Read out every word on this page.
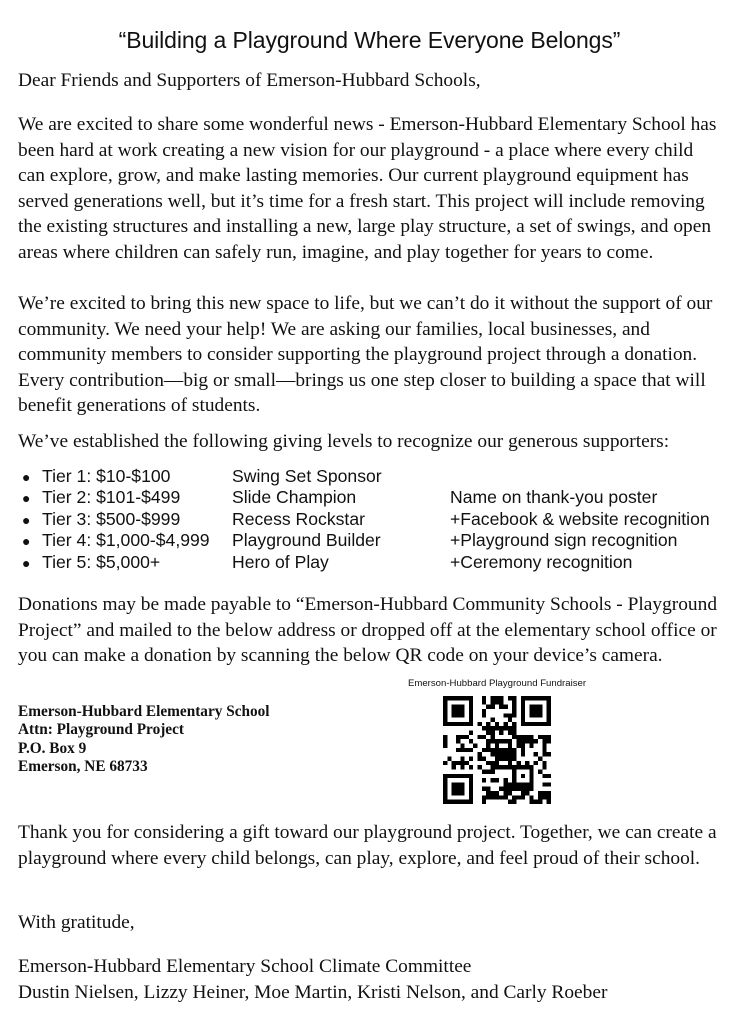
“Building a Playground Where Everyone Belongs”
Dear Friends and Supporters of Emerson-Hubbard Schools,
We are excited to share some wonderful news - Emerson-Hubbard Elementary School has been hard at work creating a new vision for our playground - a place where every child can explore, grow, and make lasting memories. Our current playground equipment has served generations well, but it’s time for a fresh start. This project will include removing the existing structures and installing a new, large play structure, a set of swings, and open areas where children can safely run, imagine, and play together for years to come.
We’re excited to bring this new space to life, but we can’t do it without the support of our community. We need your help! We are asking our families, local businesses, and community members to consider supporting the playground project through a donation. Every contribution—big or small—brings us one step closer to building a space that will benefit generations of students.
We’ve established the following giving levels to recognize our generous supporters:
● Tier 1: $10-$100	Swing Set Sponsor
● Tier 2: $101-$499	Slide Champion	Name on thank-you poster
● Tier 3: $500-$999	Recess Rockstar	+Facebook & website recognition
● Tier 4: $1,000-$4,999	Playground Builder	+Playground sign recognition
● Tier 5: $5,000+	Hero of Play	+Ceremony recognition
Donations may be made payable to “Emerson-Hubbard Community Schools - Playground Project” and mailed to the below address or dropped off at the elementary school office or you can make a donation by scanning the below QR code on your device’s camera.
Emerson-Hubbard Elementary School
Attn: Playground Project
P.O. Box 9
Emerson, NE 68733
Emerson-Hubbard Playground Fundraiser
Thank you for considering a gift toward our playground project. Together, we can create a playground where every child belongs, can play, explore, and feel proud of their school.
With gratitude,
Emerson-Hubbard Elementary School Climate Committee
Dustin Nielsen, Lizzy Heiner, Moe Martin, Kristi Nelson, and Carly Roeber
